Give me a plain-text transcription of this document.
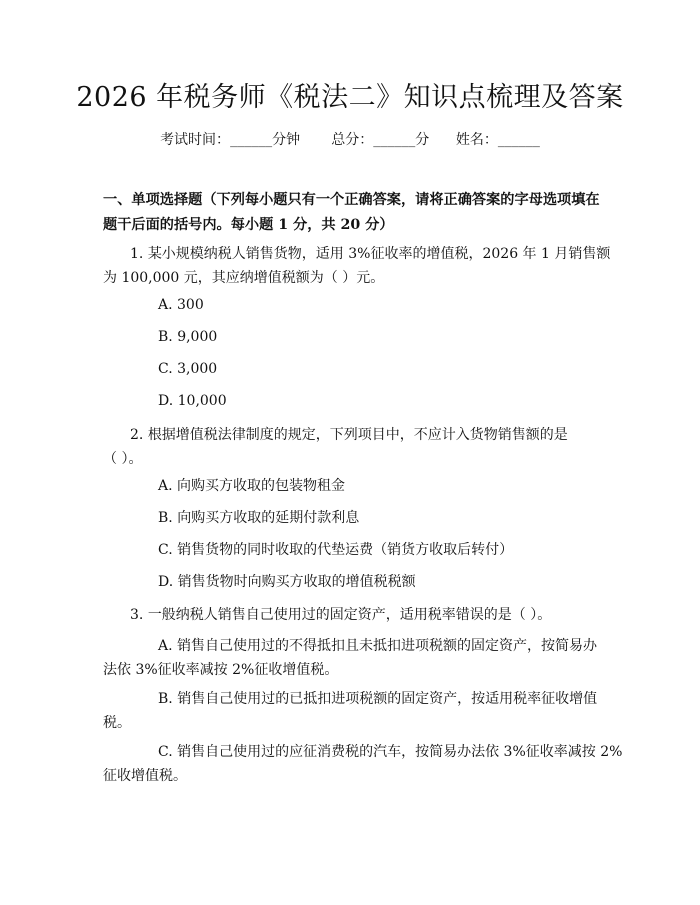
2026 年税务师《税法二》知识点梳理及答案
考试时间：______分钟 总分：______分 姓名：______
一、单项选择题（下列每小题只有一个正确答案，请将正确答案的字母选项填在
题干后面的括号内。每小题 1 分，共 20 分）
1. 某小规模纳税人销售货物，适用 3%征收率的增值税，2026 年 1 月销售额
为 100,000 元，其应纳增值税额为（ ）元。
A. 300
B. 9,000
C. 3,000
D. 10,000
2. 根据增值税法律制度的规定，下列项目中，不应计入货物销售额的是
（ ）。
A. 向购买方收取的包装物租金
B. 向购买方收取的延期付款利息
C. 销售货物的同时收取的代垫运费（销货方收取后转付）
D. 销售货物时向购买方收取的增值税税额
3. 一般纳税人销售自己使用过的固定资产，适用税率错误的是（ ）。
A. 销售自己使用过的不得抵扣且未抵扣进项税额的固定资产，按简易办
法依 3%征收率减按 2%征收增值税。
B. 销售自己使用过的已抵扣进项税额的固定资产，按适用税率征收增值
税。
C. 销售自己使用过的应征消费税的汽车，按简易办法依 3%征收率减按 2%
征收增值税。
